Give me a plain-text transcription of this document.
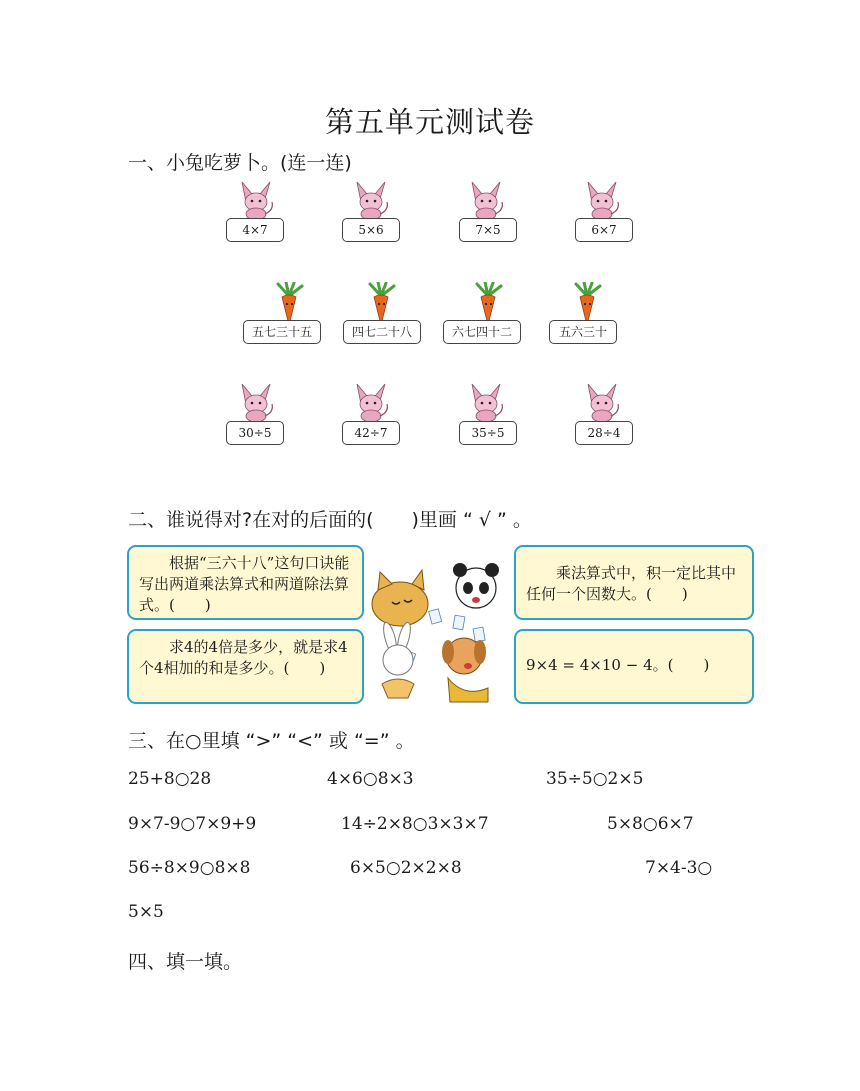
第五单元测试卷
一、小兔吃萝卜。(连一连)
4×7	5×6	7×5	6×7
五七三十五	四七二十八	六七四十二	五六三十
30÷5	42÷7	35÷5	28÷4
二、谁说得对?在对的后面的(　　)里画 “ √ ” 。
　　根据“三六十八”这句口诀能写出两道乘法算式和两道除法算式。(　　)
　　乘法算式中，积一定比其中任何一个因数大。(　　)
　　求4的4倍是多少，就是求4个4相加的和是多少。(　　)	9×4 = 4×10 − 4。(　　)
三、在○里填 “>” “<” 或 “=” 。
25+8○28	4×6○8×3	35÷5○2×5
9×7-9○7×9+9	14÷2×8○3×3×7	5×8○6×7
56÷8×9○8×8	6×5○2×2×8	7×4-3○
5×5
四、填一填。
